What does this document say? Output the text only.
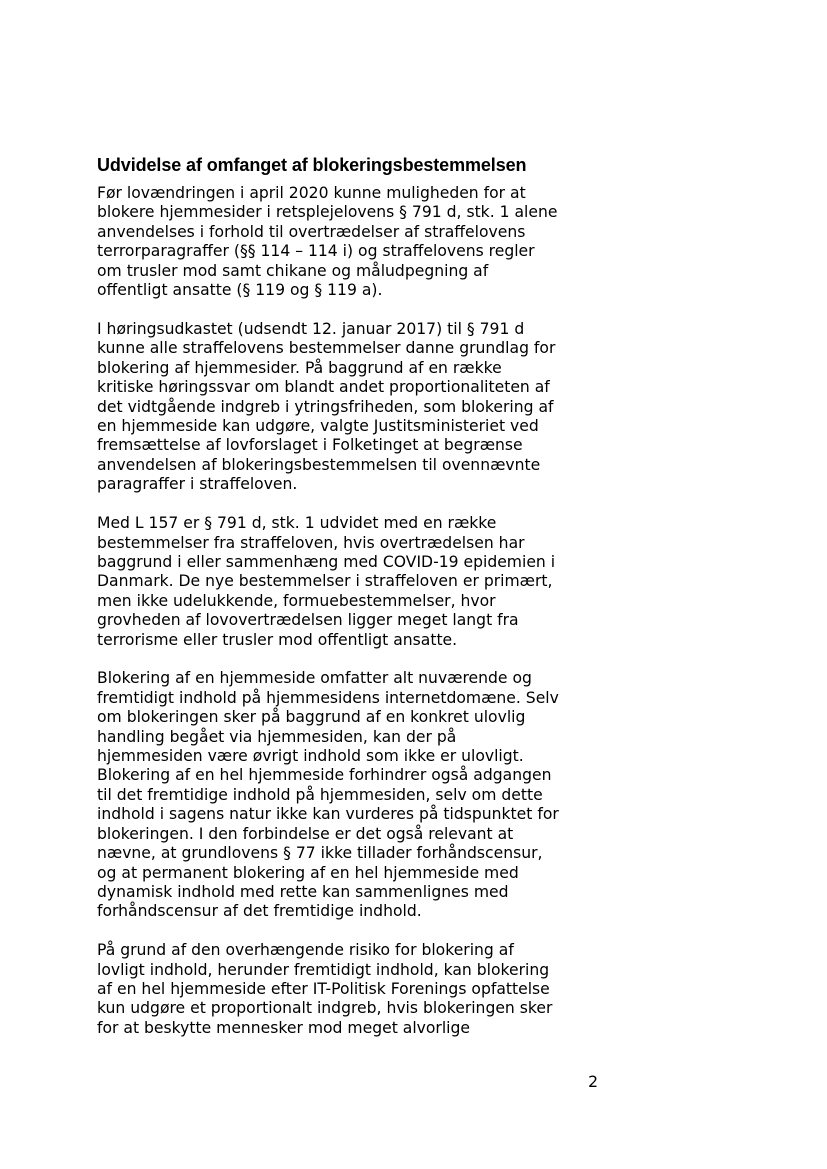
Udvidelse af omfanget af blokeringsbestemmelsen

Før lovændringen i april 2020 kunne muligheden for at
blokere hjemmesider i retsplejelovens § 791 d, stk. 1 alene
anvendelses i forhold til overtrædelser af straffelovens
terrorparagraffer (§§ 114 – 114 i) og straffelovens regler
om trusler mod samt chikane og måludpegning af
offentligt ansatte (§ 119 og § 119 a).

I høringsudkastet (udsendt 12. januar 2017) til § 791 d
kunne alle straffelovens bestemmelser danne grundlag for
blokering af hjemmesider. På baggrund af en række
kritiske høringssvar om blandt andet proportionaliteten af
det vidtgående indgreb i ytringsfriheden, som blokering af
en hjemmeside kan udgøre, valgte Justitsministeriet ved
fremsættelse af lovforslaget i Folketinget at begrænse
anvendelsen af blokeringsbestemmelsen til ovennævnte
paragraffer i straffeloven.

Med L 157 er § 791 d, stk. 1 udvidet med en række
bestemmelser fra straffeloven, hvis overtrædelsen har
baggrund i eller sammenhæng med COVID-19 epidemien i
Danmark. De nye bestemmelser i straffeloven er primært,
men ikke udelukkende, formuebestemmelser, hvor
grovheden af lovovertrædelsen ligger meget langt fra
terrorisme eller trusler mod offentligt ansatte.

Blokering af en hjemmeside omfatter alt nuværende og
fremtidigt indhold på hjemmesidens internetdomæne. Selv
om blokeringen sker på baggrund af en konkret ulovlig
handling begået via hjemmesiden, kan der på
hjemmesiden være øvrigt indhold som ikke er ulovligt.
Blokering af en hel hjemmeside forhindrer også adgangen
til det fremtidige indhold på hjemmesiden, selv om dette
indhold i sagens natur ikke kan vurderes på tidspunktet for
blokeringen. I den forbindelse er det også relevant at
nævne, at grundlovens § 77 ikke tillader forhåndscensur,
og at permanent blokering af en hel hjemmeside med
dynamisk indhold med rette kan sammenlignes med
forhåndscensur af det fremtidige indhold.

På grund af den overhængende risiko for blokering af
lovligt indhold, herunder fremtidigt indhold, kan blokering
af en hel hjemmeside efter IT-Politisk Forenings opfattelse
kun udgøre et proportionalt indgreb, hvis blokeringen sker
for at beskytte mennesker mod meget alvorlige

2
